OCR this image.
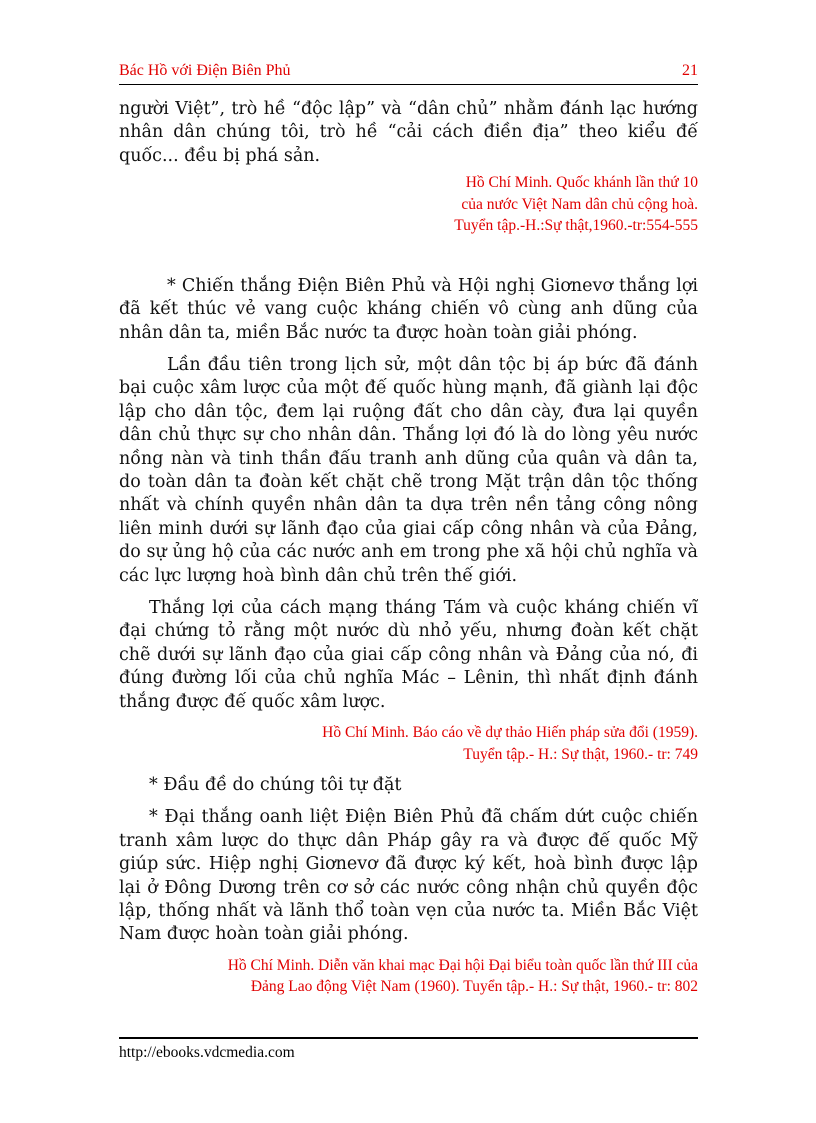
Bác Hồ với Điện Biên Phủ	21

người Việt”, trò hề “độc lập” và “dân chủ” nhằm đánh lạc hướng nhân dân chúng tôi, trò hề “cải cách điền địa” theo kiểu đế quốc... đều bị phá sản.

Hồ Chí Minh. Quốc khánh lần thứ 10
của nước Việt Nam dân chủ cộng hoà.
Tuyển tập.-H.:Sự thật,1960.-tr:554-555

* Chiến thắng Điện Biên Phủ và Hội nghị Giơnevơ thắng lợi đã kết thúc vẻ vang cuộc kháng chiến vô cùng anh dũng của nhân dân ta, miền Bắc nước ta được hoàn toàn giải phóng.

Lần đầu tiên trong lịch sử, một dân tộc bị áp bức đã đánh bại cuộc xâm lược của một đế quốc hùng mạnh, đã giành lại độc lập cho dân tộc, đem lại ruộng đất cho dân cày, đưa lại quyền dân chủ thực sự cho nhân dân. Thắng lợi đó là do lòng yêu nước nồng nàn và tinh thần đấu tranh anh dũng của quân và dân ta, do toàn dân ta đoàn kết chặt chẽ trong Mặt trận dân tộc thống nhất và chính quyền nhân dân ta dựa trên nền tảng công nông liên minh dưới sự lãnh đạo của giai cấp công nhân và của Đảng, do sự ủng hộ của các nước anh em trong phe xã hội chủ nghĩa và các lực lượng hoà bình dân chủ trên thế giới.

Thắng lợi của cách mạng tháng Tám và cuộc kháng chiến vĩ đại chứng tỏ rằng một nước dù nhỏ yếu, nhưng đoàn kết chặt chẽ dưới sự lãnh đạo của giai cấp công nhân và Đảng của nó, đi đúng đường lối của chủ nghĩa Mác – Lênin, thì nhất định đánh thắng được đế quốc xâm lược.

Hồ Chí Minh. Báo cáo về dự thảo Hiến pháp sửa đổi (1959).
Tuyển tập.- H.: Sự thật, 1960.- tr: 749

* Đầu đề do chúng tôi tự đặt

* Đại thắng oanh liệt Điện Biên Phủ đã chấm dứt cuộc chiến tranh xâm lược do thực dân Pháp gây ra và được đế quốc Mỹ giúp sức. Hiệp nghị Giơnevơ đã được ký kết, hoà bình được lập lại ở Đông Dương trên cơ sở các nước công nhận chủ quyền độc lập, thống nhất và lãnh thổ toàn vẹn của nước ta. Miền Bắc Việt Nam được hoàn toàn giải phóng.

Hồ Chí Minh. Diễn văn khai mạc Đại hội Đại biểu toàn quốc lần thứ III của
Đảng Lao động Việt Nam (1960). Tuyển tập.- H.: Sự thật, 1960.- tr: 802
http://ebooks.vdcmedia.com
